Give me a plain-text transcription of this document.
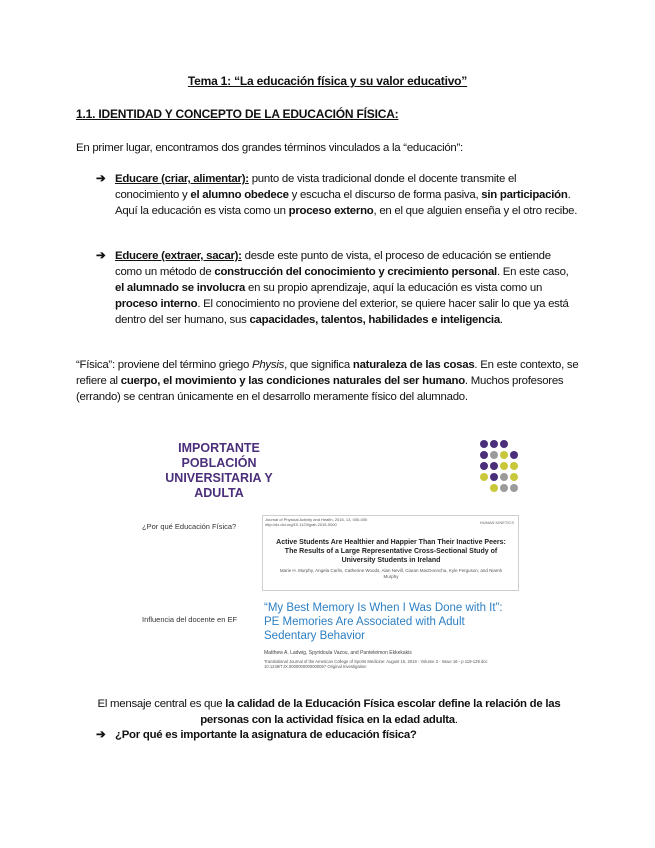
Tema 1: “La educación física y su valor educativo”
1.1. IDENTIDAD Y CONCEPTO DE LA EDUCACIÓN FÍSICA:
En primer lugar, encontramos dos grandes términos vinculados a la “educación”:
➔ Educare (criar, alimentar): punto de vista tradicional donde el docente transmite el conocimiento y el alumno obedece y escucha el discurso de forma pasiva, sin participación. Aquí la educación es vista como un proceso externo, en el que alguien enseña y el otro recibe.
➔ Educere (extraer, sacar): desde este punto de vista, el proceso de educación se entiende como un método de construcción del conocimiento y crecimiento personal. En este caso, el alumnado se involucra en su propio aprendizaje, aquí la educación es vista como un proceso interno. El conocimiento no proviene del exterior, se quiere hacer salir lo que ya está dentro del ser humano, sus capacidades, talentos, habilidades e inteligencia.
“Física”: proviene del término griego Physis, que significa naturaleza de las cosas. En este contexto, se refiere al cuerpo, el movimiento y las condiciones naturales del ser humano. Muchos profesores (errando) se centran únicamente en el desarrollo meramente físico del alumnado.
IMPORTANTE
POBLACIÓN
UNIVERSITARIA Y
ADULTA
¿Por qué Educación Física?
Journal of Physical Activity and Health, 2016, 13, 000-000 http://dx.doi.org/10.1123/jpah.2015-0000	HUMAN KINETICS
Active Students Are Healthier and Happier Than Their Inactive Peers: The Results of a Large Representative Cross-Sectional Study of University Students in Ireland
Marie H. Murphy, Angela Carlin, Catherine Woods, Alan Nevill, Ciaran MacDonncha, Kyle Ferguson, and Niamh Murphy
Influencia del docente en EF
“My Best Memory Is When I Was Done with It”: PE Memories Are Associated with Adult Sedentary Behavior
Matthew A. Ladwig, Spyridoula Vazou, and Panteleimon Ekkekakis
Translational Journal of the American College of Sports Medicine: August 15, 2018 - Volume 3 - Issue 16 - p 119-129 doi: 10.1249/TJX.0000000000000067 Original Investigation
El mensaje central es que la calidad de la Educación Física escolar define la relación de las personas con la actividad física en la edad adulta.
➔ ¿Por qué es importante la asignatura de educación física?
